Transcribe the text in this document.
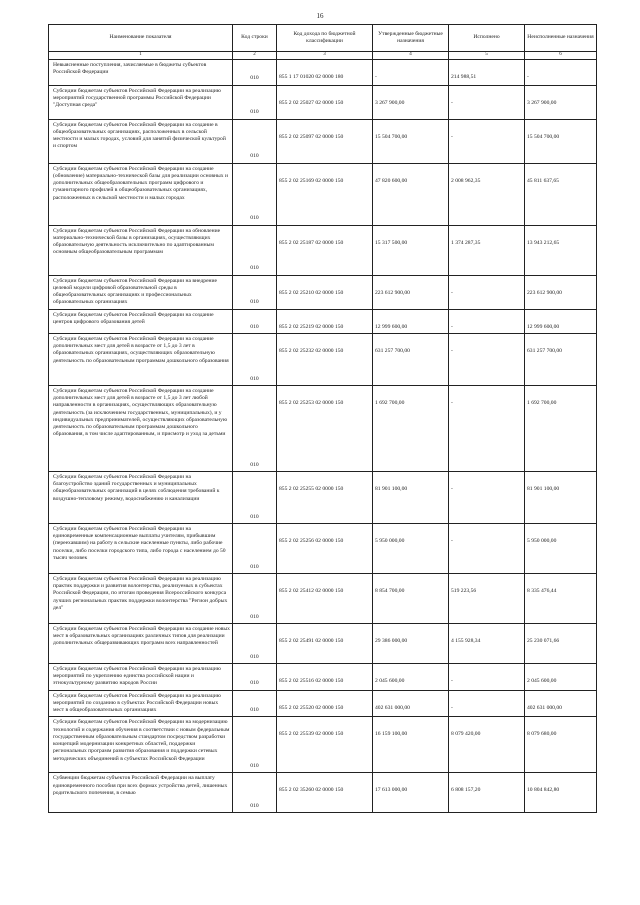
16
Наименование показателя	Код строки	Код дохода по бюджетной классификации	Утвержденные бюджетные назначения	Исполнено	Неисполненные назначения
1	2	3	4	5	6
Невыясненные поступления, зачисляемые в бюджеты субъектов Российской Федерации	010	855 1 17 01020 02 0000 180	-	214 988,51	-
Субсидии бюджетам субъектов Российской Федерации на реализацию мероприятий государственной программы Российской Федерации "Доступная среда"	010	855 2 02 25027 02 0000 150	3 267 900,00	-	3 267 900,00
Субсидии бюджетам субъектов Российской Федерации на создание в общеобразовательных организациях, расположенных в сельской местности и малых городах, условий для занятий физической культурой и спортом	010	855 2 02 25097 02 0000 150	15 504 700,00	-	15 504 700,00
Субсидии бюджетам субъектов Российской Федерации на создание (обновление) материально-технической базы для реализации основных и дополнительных общеобразовательных программ цифрового и гуманитарного профилей в общеобразовательных организациях, расположенных в сельской местности и малых городах	010	855 2 02 25169 02 0000 150	47 820 600,00	2 008 962,35	45 811 637,65
Субсидии бюджетам субъектов Российской Федерации на обновление материально-технической базы в организациях, осуществляющих образовательную деятельность исключительно по адаптированным основным общеобразовательным программам	010	855 2 02 25187 02 0000 150	15 317 500,00	1 374 287,35	13 943 212,65
Субсидии бюджетам субъектов Российской Федерации на внедрение целевой модели цифровой образовательной среды в общеобразовательных организациях и профессиональных образовательных организациях	010	855 2 02 25210 02 0000 150	223 612 900,00	-	223 612 900,00
Субсидии бюджетам субъектов Российской Федерации на создание центров цифрового образования детей	010	855 2 02 25219 02 0000 150	12 999 600,00	-	12 999 600,00
Субсидии бюджетам субъектов Российской Федерации на создание дополнительных мест для детей в возрасте от 1,5 до 3 лет в образовательных организациях, осуществляющих образовательную деятельность по образовательным программам дошкольного образования	010	855 2 02 25232 02 0000 150	631 257 700,00	-	631 257 700,00
Субсидии бюджетам субъектов Российской Федерации на создание дополнительных мест для детей в возрасте от 1,5 до 3 лет любой направленности в организациях, осуществляющих образовательную деятельность (за исключением государственных, муниципальных), и у индивидуальных предпринимателей, осуществляющих образовательную деятельность по образовательным программам дошкольного образования, в том числе адаптированным, и присмотр и уход за детьми	010	855 2 02 25253 02 0000 150	1 692 700,00	-	1 692 700,00
Субсидии бюджетам субъектов Российской Федерации на благоустройство зданий государственных и муниципальных общеобразовательных организаций в целях соблюдения требований к воздушно-тепловому режиму, водоснабжению и канализации	010	855 2 02 25255 02 0000 150	81 901 100,00	-	81 901 100,00
Субсидии бюджетам субъектов Российской Федерации на единовременные компенсационные выплаты учителям, прибывшим (переехавшим) на работу в сельские населенные пункты, либо рабочие поселки, либо поселки городского типа, либо города с населением до 50 тысяч человек	010	855 2 02 25256 02 0000 150	5 950 000,00	-	5 950 000,00
Субсидии бюджетам субъектов Российской Федерации на реализацию практик поддержки и развития волонтерства, реализуемых в субъектах Российской Федерации, по итогам проведения Всероссийского конкурса лучших региональных практик поддержки волонтерства "Регион добрых дел"	010	855 2 02 25412 02 0000 150	8 854 700,00	519 223,56	8 335 476,44
Субсидии бюджетам субъектов Российской Федерации на создание новых мест в образовательных организациях различных типов для реализации дополнительных общеразвивающих программ всех направленностей	010	855 2 02 25491 02 0000 150	29 386 000,00	4 155 928,34	25 230 071,66
Субсидии бюджетам субъектов Российской Федерации на реализацию мероприятий по укреплению единства российской нации и этнокультурному развитию народов России	010	855 2 02 25516 02 0000 150	2 045 600,00	-	2 045 600,00
Субсидии бюджетам субъектов Российской Федерации на реализацию мероприятий по созданию в субъектах Российской Федерации новых мест в общеобразовательных организациях	010	855 2 02 25520 02 0000 150	402 631 000,00	-	402 631 000,00
Субсидии бюджетам субъектов Российской Федерации на модернизацию технологий и содержания обучения в соответствии с новым федеральным государственным образовательным стандартом посредством разработки концепций модернизации конкретных областей, поддержки региональных программ развития образования и поддержки сетевых методических объединений в субъектах Российской Федерации	010	855 2 02 25539 02 0000 150	16 159 100,00	8 079 420,00	8 079 680,00
Субвенции бюджетам субъектов Российской Федерации на выплату единовременного пособия при всех формах устройства детей, лишенных родительского попечения, в семью	010	855 2 02 35260 02 0000 150	17 613 000,00	6 808 157,20	10 804 842,80
